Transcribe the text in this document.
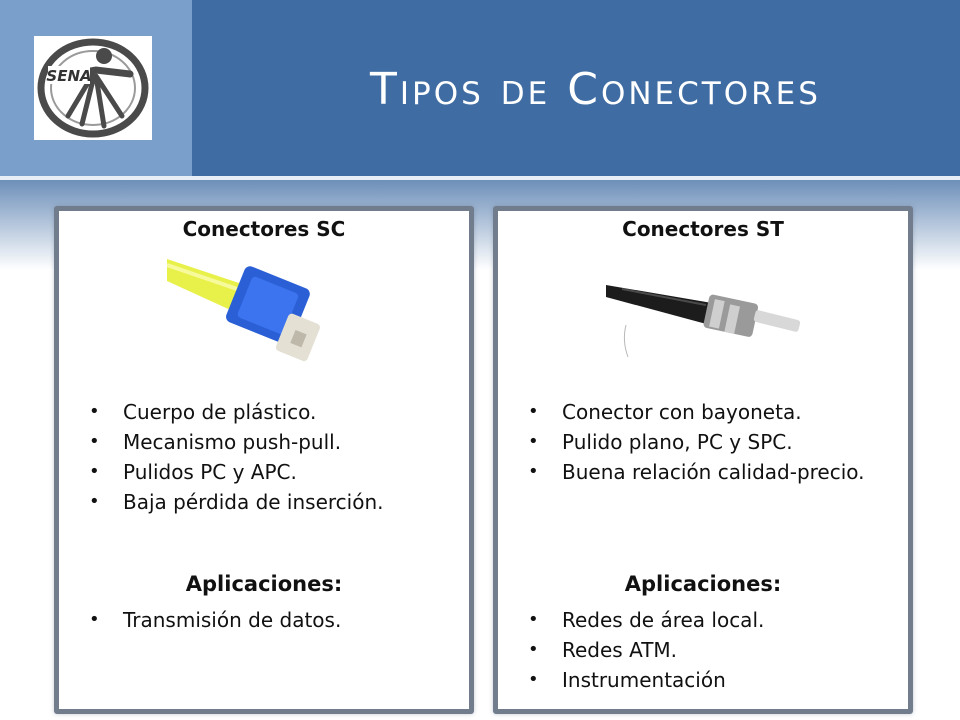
SENA	Tipos de Conectores
Conectores SC
• Cuerpo de plástico.
• Mecanismo push-pull.
• Pulidos PC y APC.
• Baja pérdida de inserción.
Aplicaciones:
• Transmisión de datos.
Conectores ST
• Conector con bayoneta.
• Pulido plano, PC y SPC.
• Buena relación calidad-precio.
Aplicaciones:
• Redes de área local.
• Redes ATM.
• Instrumentación
